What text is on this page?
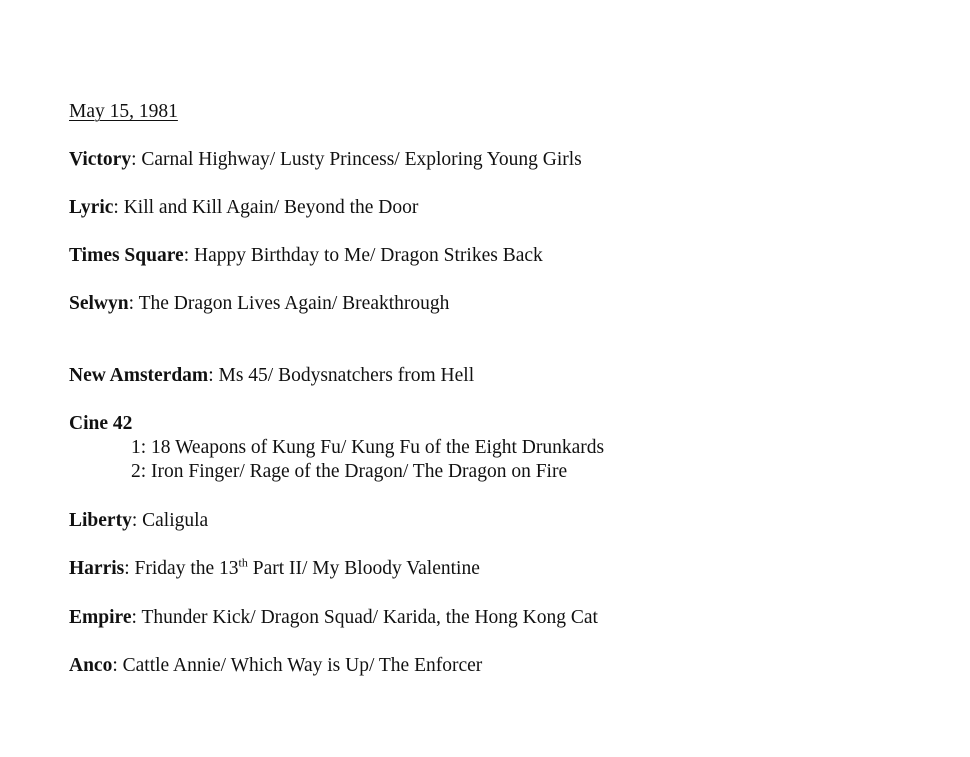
May 15, 1981
Victory: Carnal Highway/ Lusty Princess/ Exploring Young Girls
Lyric: Kill and Kill Again/ Beyond the Door
Times Square: Happy Birthday to Me/ Dragon Strikes Back
Selwyn: The Dragon Lives Again/ Breakthrough
New Amsterdam: Ms 45/ Bodysnatchers from Hell
Cine 42
1: 18 Weapons of Kung Fu/ Kung Fu of the Eight Drunkards
2: Iron Finger/ Rage of the Dragon/ The Dragon on Fire
Liberty: Caligula
Harris: Friday the 13th Part II/ My Bloody Valentine
Empire: Thunder Kick/ Dragon Squad/ Karida, the Hong Kong Cat
Anco: Cattle Annie/ Which Way is Up/ The Enforcer
